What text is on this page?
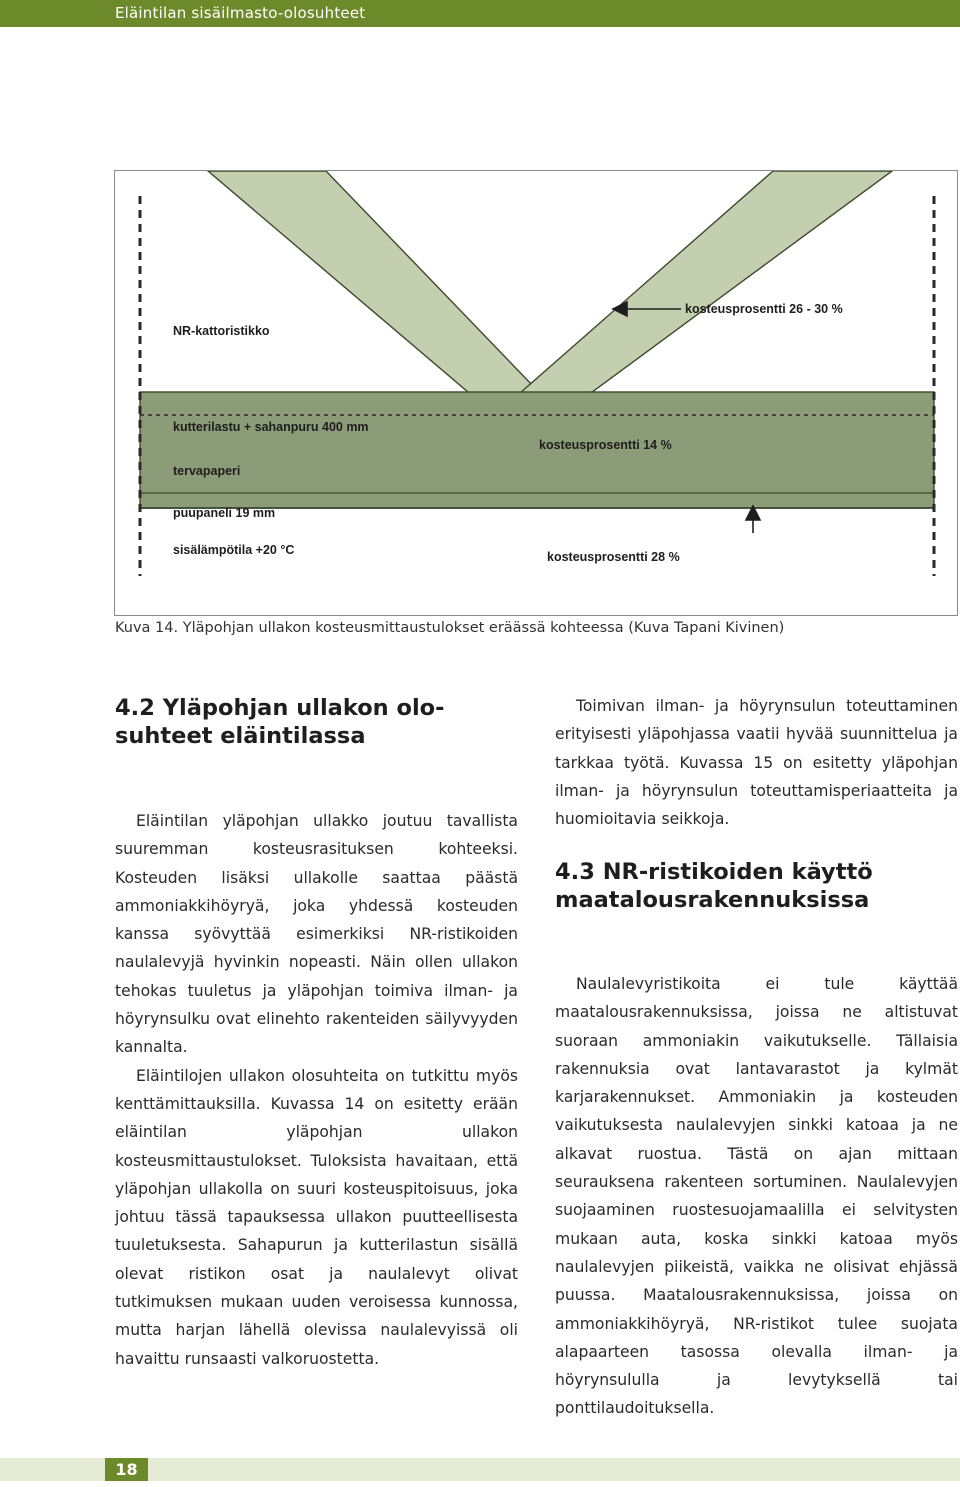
Eläintilan sisäilmasto-olosuhteet
ullakkolämpötila -5 °C
NR-kattoristikko
kosteusprosentti 26 - 30 %
kutterilastu + sahanpuru 400 mm
kosteusprosentti 14 %
tervapaperi
puupaneli 19 mm
sisälämpötila +20 °C	kosteusprosentti 28 %
Kuva 14. Yläpohjan ullakon kosteusmittaustulokset eräässä kohteessa (Kuva Tapani Kivinen)
4.2 Yläpohjan ullakon olo-
suhteet eläintilassa

Eläintilan yläpohjan ullakko joutuu tavallista suuremman kosteusrasituksen kohteeksi. Kosteuden lisäksi ullakolle saattaa päästä ammoniakkihöyryä, joka yhdessä kosteuden kanssa syövyttää esimerkiksi NR-ristikoiden naulalevyjä hyvinkin nopeasti. Näin ollen ullakon tehokas tuuletus ja yläpohjan toimiva ilman- ja höyrynsulku ovat elinehto rakenteiden säilyvyyden kannalta.

Eläintilojen ullakon olosuhteita on tutkittu myös kenttämittauksilla. Kuvassa 14 on esitetty erään eläintilan yläpohjan ullakon kosteusmittaustulokset. Tuloksista havaitaan, että yläpohjan ullakolla on suuri kosteuspitoisuus, joka johtuu tässä tapauksessa ullakon puutteellisesta tuuletuksesta. Sahapurun ja kutterilastun sisällä olevat ristikon osat ja naulalevyt olivat tutkimuksen mukaan uuden veroisessa kunnossa, mutta harjan lähellä olevissa naulalevyissä oli havaittu runsaasti valkoruostetta.

Toimivan ilman- ja höyrynsulun toteuttaminen erityisesti yläpohjassa vaatii hyvää suunnittelua ja tarkkaa työtä. Kuvassa 15 on esitetty yläpohjan ilman- ja höyrynsulun toteuttamisperiaatteita ja huomioitavia seikkoja.

4.3 NR-ristikoiden käyttö
maatalousrakennuksissa

Naulalevyristikoita ei tule käyttää maatalousrakennuksissa, joissa ne altistuvat suoraan ammoniakin vaikutukselle. Tällaisia rakennuksia ovat lantavarastot ja kylmät karjarakennukset. Ammoniakin ja kosteuden vaikutuksesta naulalevyjen sinkki katoaa ja ne alkavat ruostua. Tästä on ajan mittaan seurauksena rakenteen sortuminen. Naulalevyjen suojaaminen ruostesuojamaalilla ei selvitysten mukaan auta, koska sinkki katoaa myös naulalevyjen piikeistä, vaikka ne olisivat ehjässä puussa. Maatalousrakennuksissa, joissa on ammoniakkihöyryä, NR-ristikot tulee suojata alapaarteen tasossa olevalla ilman- ja höyrynsululla ja levytyksellä tai ponttilaudoituksella.

18
